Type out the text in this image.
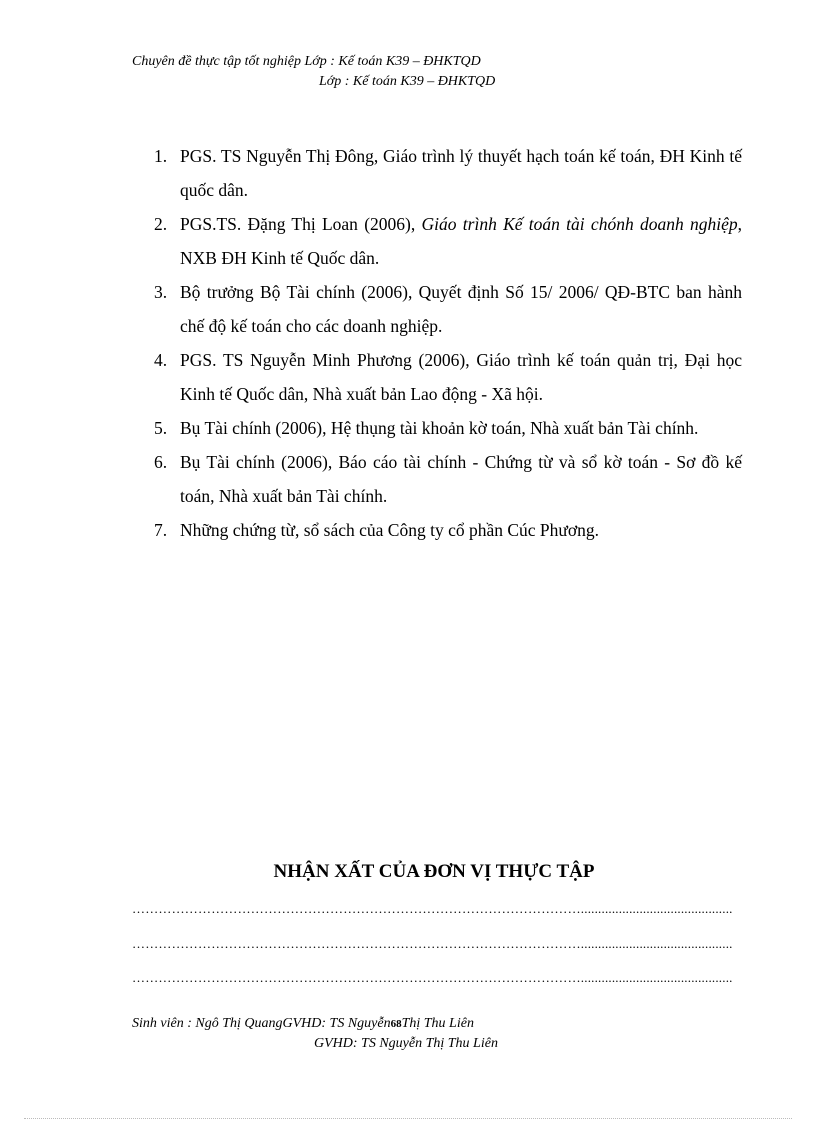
Chuyên đề thực tập tốt nghiệp Lớp : Kế toán K39 – ĐHKTQD
Lớp : Kế toán K39 – ĐHKTQD
1. PGS. TS Nguyễn Thị Đông, Giáo trình lý thuyết hạch toán kế toán, ĐH Kinh tế quốc dân.
2. PGS.TS. Đặng Thị Loan (2006), Giáo trình Kế toán tài chónh doanh nghiệp, NXB ĐH Kinh tế Quốc dân.
3. Bộ trưởng Bộ Tài chính (2006), Quyết định Số 15/ 2006/ QĐ-BTC ban hành chế độ kế toán cho các doanh nghiệp.
4. PGS. TS Nguyễn Minh Phương (2006), Giáo trình kế toán quản trị, Đại học Kinh tế Quốc dân, Nhà xuất bản Lao động - Xã hội.
5. Bụ Tài chính (2006), Hệ thụng tài khoản kờ toán, Nhà xuất bản Tài chính.
6. Bụ Tài chính (2006), Báo cáo tài chính - Chứng từ và sổ kờ toán - Sơ đồ kế toán, Nhà xuất bản Tài chính.
7. Những chứng từ, sổ sách của Công ty cổ phần Cúc Phương.
NHẬN XẤT CỦA ĐƠN VỊ THỰC TẬP
…………………………………………………………………………………………............................................
…………………………………………………………………………………………............................................
…………………………………………………………………………………………............................................
Sinh viên : Ngô Thị QuangGVHD: TS Nguyễn68Thị Thu Liên
GVHD: TS Nguyễn Thị Thu Liên
